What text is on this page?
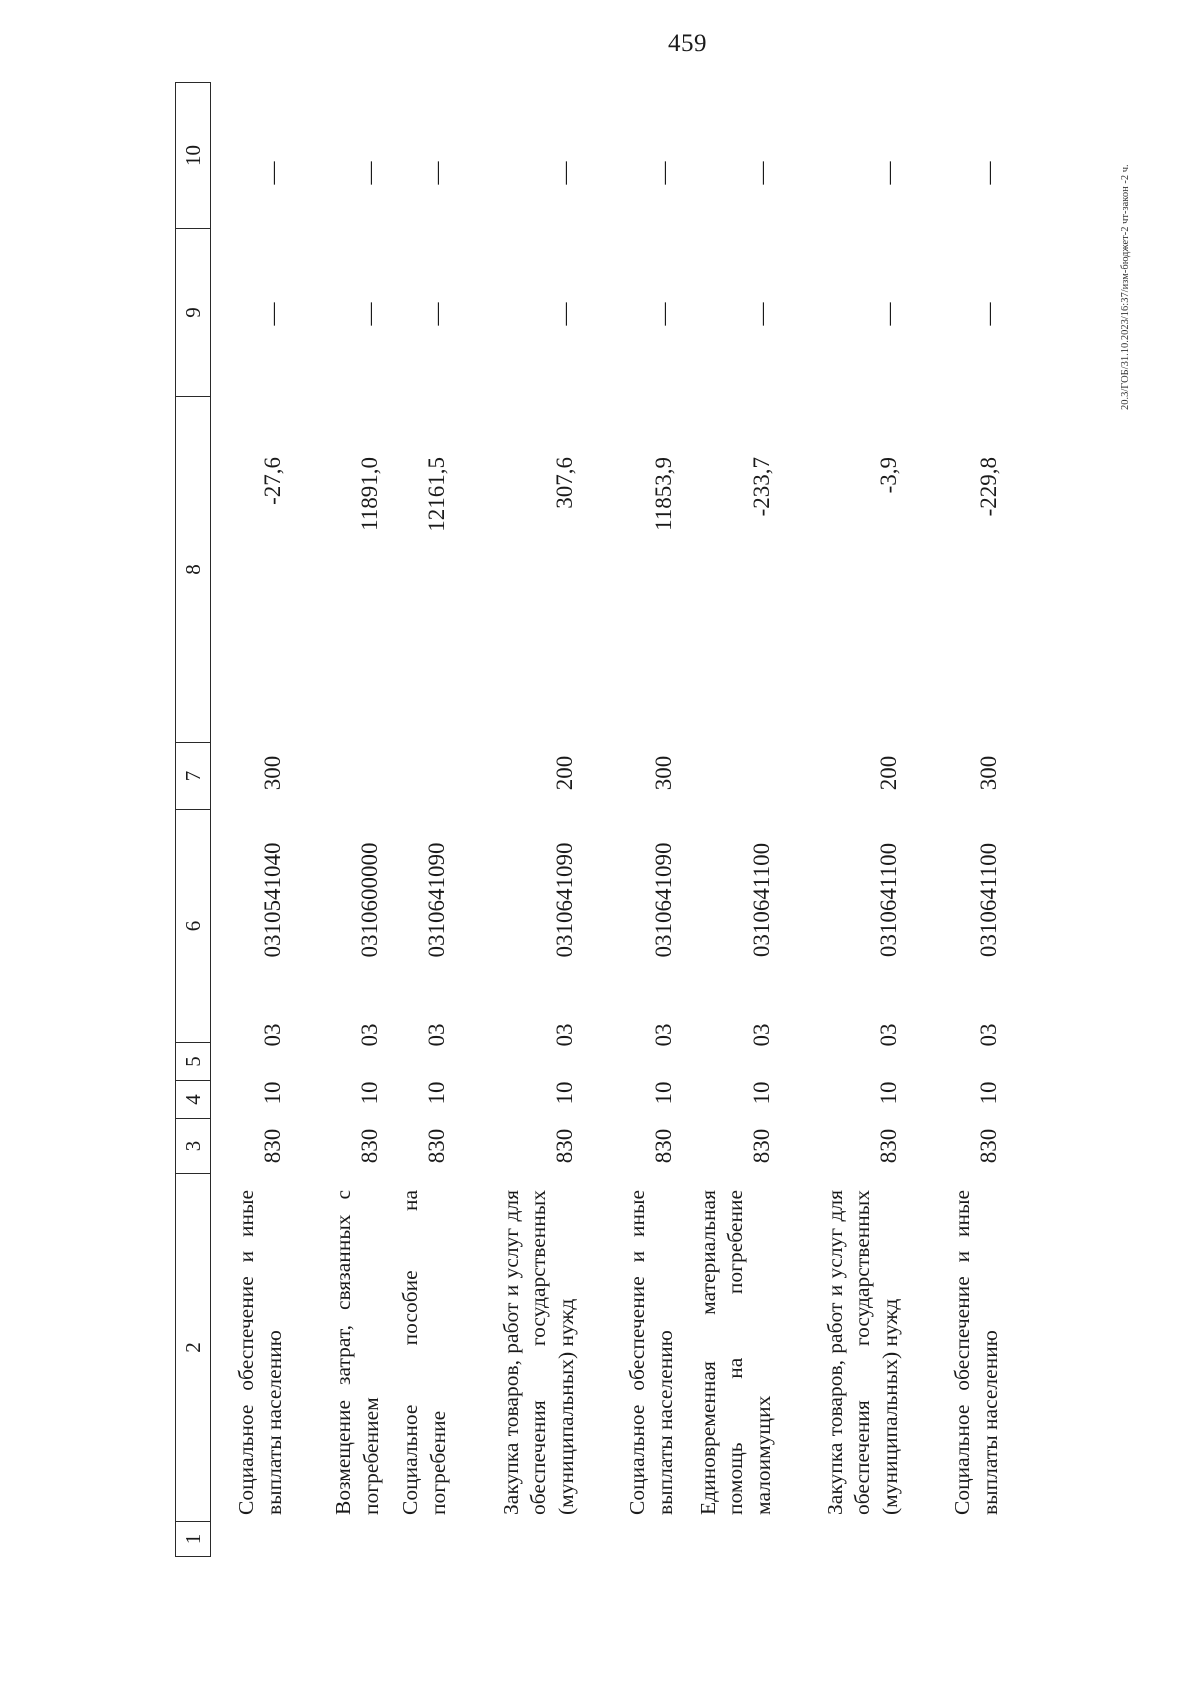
459
20.3/ГОБ/31.10.2023/16:37/изм-бюджет-2 чт-закон -2 ч.
1
2
3
4
5
6
7
8
9
10
Социальное обеспечение и иные выплаты населению
830
10
03
0310541040
300
-27,6
—
—
Возмещение затрат, связанных с погребением
830
10
03
0310600000
11891,0
—
—
Социальное пособие на погребение
830
10
03
0310641090
12161,5
—
—
Закупка товаров, работ и услуг для обеспечения государственных (муниципальных) нужд
830
10
03
0310641090
200
307,6
—
—
Социальное обеспечение и иные выплаты населению
830
10
03
0310641090
300
11853,9
—
—
Единовременная материальная помощь на погребение малоимущих
830
10
03
0310641100
-233,7
—
—
Закупка товаров, работ и услуг для обеспечения государственных (муниципальных) нужд
830
10
03
0310641100
200
-3,9
—
—
Социальное обеспечение и иные выплаты населению
830
10
03
0310641100
300
-229,8
—
—
